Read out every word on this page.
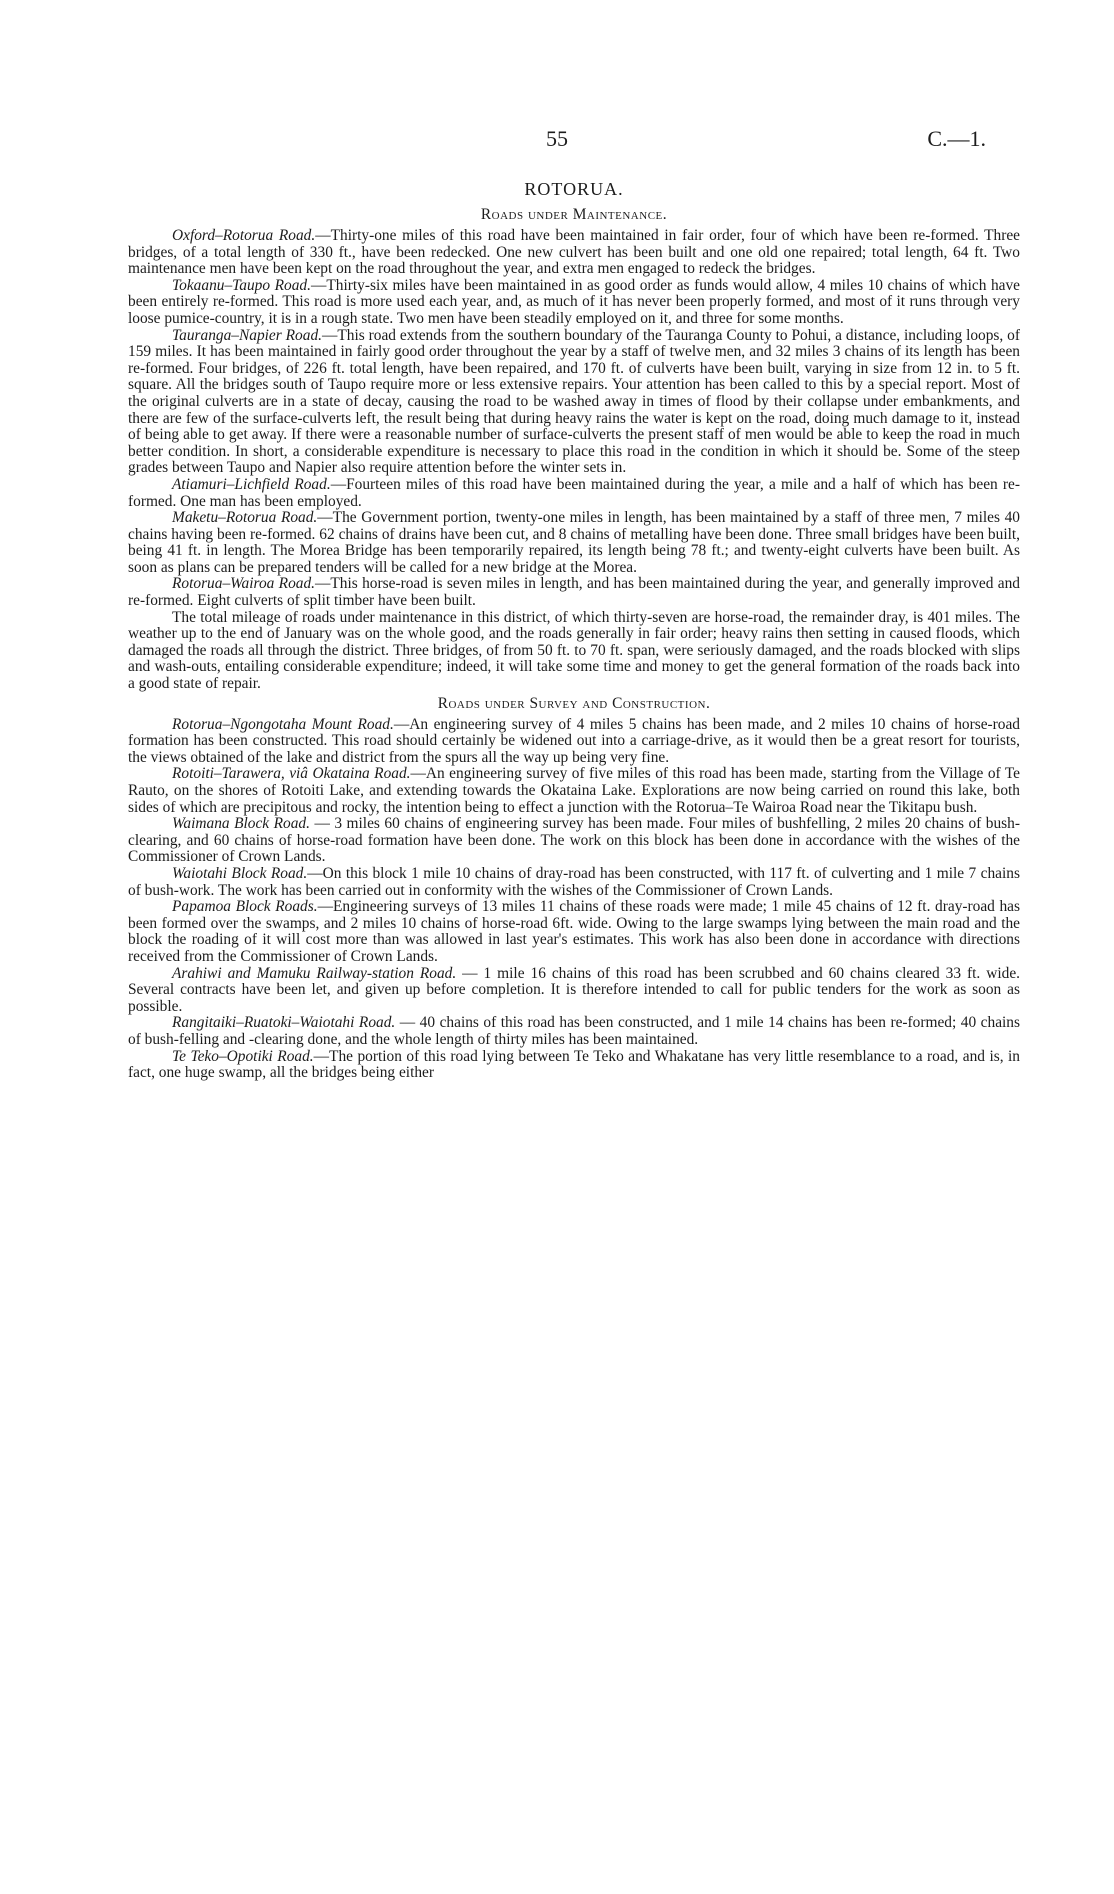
55	C.—1.
ROTORUA.
Roads under Maintenance.

Oxford–Rotorua Road.—Thirty-one miles of this road have been maintained in fair order, four of which have been re-formed. Three bridges, of a total length of 330 ft., have been redecked. One new culvert has been built and one old one repaired; total length, 64 ft. Two maintenance men have been kept on the road throughout the year, and extra men engaged to redeck the bridges.

Tokaanu–Taupo Road.—Thirty-six miles have been maintained in as good order as funds would allow, 4 miles 10 chains of which have been entirely re-formed. This road is more used each year, and, as much of it has never been properly formed, and most of it runs through very loose pumice-country, it is in a rough state. Two men have been steadily employed on it, and three for some months.

Tauranga–Napier Road.—This road extends from the southern boundary of the Tauranga County to Pohui, a distance, including loops, of 159 miles. It has been maintained in fairly good order throughout the year by a staff of twelve men, and 32 miles 3 chains of its length has been re-formed. Four bridges, of 226 ft. total length, have been repaired, and 170 ft. of culverts have been built, varying in size from 12 in. to 5 ft. square. All the bridges south of Taupo require more or less extensive repairs. Your attention has been called to this by a special report. Most of the original culverts are in a state of decay, causing the road to be washed away in times of flood by their collapse under embankments, and there are few of the surface-culverts left, the result being that during heavy rains the water is kept on the road, doing much damage to it, instead of being able to get away. If there were a reasonable number of surface-culverts the present staff of men would be able to keep the road in much better condition. In short, a considerable expenditure is necessary to place this road in the condition in which it should be. Some of the steep grades between Taupo and Napier also require attention before the winter sets in.

Atiamuri–Lichfield Road.—Fourteen miles of this road have been maintained during the year, a mile and a half of which has been re-formed. One man has been employed.

Maketu–Rotorua Road.—The Government portion, twenty-one miles in length, has been maintained by a staff of three men, 7 miles 40 chains having been re-formed. 62 chains of drains have been cut, and 8 chains of metalling have been done. Three small bridges have been built, being 41 ft. in length. The Morea Bridge has been temporarily repaired, its length being 78 ft.; and twenty-eight culverts have been built. As soon as plans can be prepared tenders will be called for a new bridge at the Morea.

Rotorua–Wairoa Road.—This horse-road is seven miles in length, and has been maintained during the year, and generally improved and re-formed. Eight culverts of split timber have been built.

The total mileage of roads under maintenance in this district, of which thirty-seven are horse-road, the remainder dray, is 401 miles. The weather up to the end of January was on the whole good, and the roads generally in fair order; heavy rains then setting in caused floods, which damaged the roads all through the district. Three bridges, of from 50 ft. to 70 ft. span, were seriously damaged, and the roads blocked with slips and wash-outs, entailing considerable expenditure; indeed, it will take some time and money to get the general formation of the roads back into a good state of repair.

Roads under Survey and Construction.

Rotorua–Ngongotaha Mount Road.—An engineering survey of 4 miles 5 chains has been made, and 2 miles 10 chains of horse-road formation has been constructed. This road should certainly be widened out into a carriage-drive, as it would then be a great resort for tourists, the views obtained of the lake and district from the spurs all the way up being very fine.

Rotoiti–Tarawera, viâ Okataina Road.—An engineering survey of five miles of this road has been made, starting from the Village of Te Rauto, on the shores of Rotoiti Lake, and extending towards the Okataina Lake. Explorations are now being carried on round this lake, both sides of which are precipitous and rocky, the intention being to effect a junction with the Rotorua–Te Wairoa Road near the Tikitapu bush.

Waimana Block Road. — 3 miles 60 chains of engineering survey has been made. Four miles of bushfelling, 2 miles 20 chains of bush-clearing, and 60 chains of horse-road formation have been done. The work on this block has been done in accordance with the wishes of the Commissioner of Crown Lands.

Waiotahi Block Road.—On this block 1 mile 10 chains of dray-road has been constructed, with 117 ft. of culverting and 1 mile 7 chains of bush-work. The work has been carried out in conformity with the wishes of the Commissioner of Crown Lands.

Papamoa Block Roads.—Engineering surveys of 13 miles 11 chains of these roads were made; 1 mile 45 chains of 12 ft. dray-road has been formed over the swamps, and 2 miles 10 chains of horse-road 6ft. wide. Owing to the large swamps lying between the main road and the block the roading of it will cost more than was allowed in last year's estimates. This work has also been done in accordance with directions received from the Commissioner of Crown Lands.

Arahiwi and Mamuku Railway-station Road. — 1 mile 16 chains of this road has been scrubbed and 60 chains cleared 33 ft. wide. Several contracts have been let, and given up before completion. It is therefore intended to call for public tenders for the work as soon as possible.

Rangitaiki–Ruatoki–Waiotahi Road. — 40 chains of this road has been constructed, and 1 mile 14 chains has been re-formed; 40 chains of bush-felling and -clearing done, and the whole length of thirty miles has been maintained.

Te Teko–Opotiki Road.—The portion of this road lying between Te Teko and Whakatane has very little resemblance to a road, and is, in fact, one huge swamp, all the bridges being either
